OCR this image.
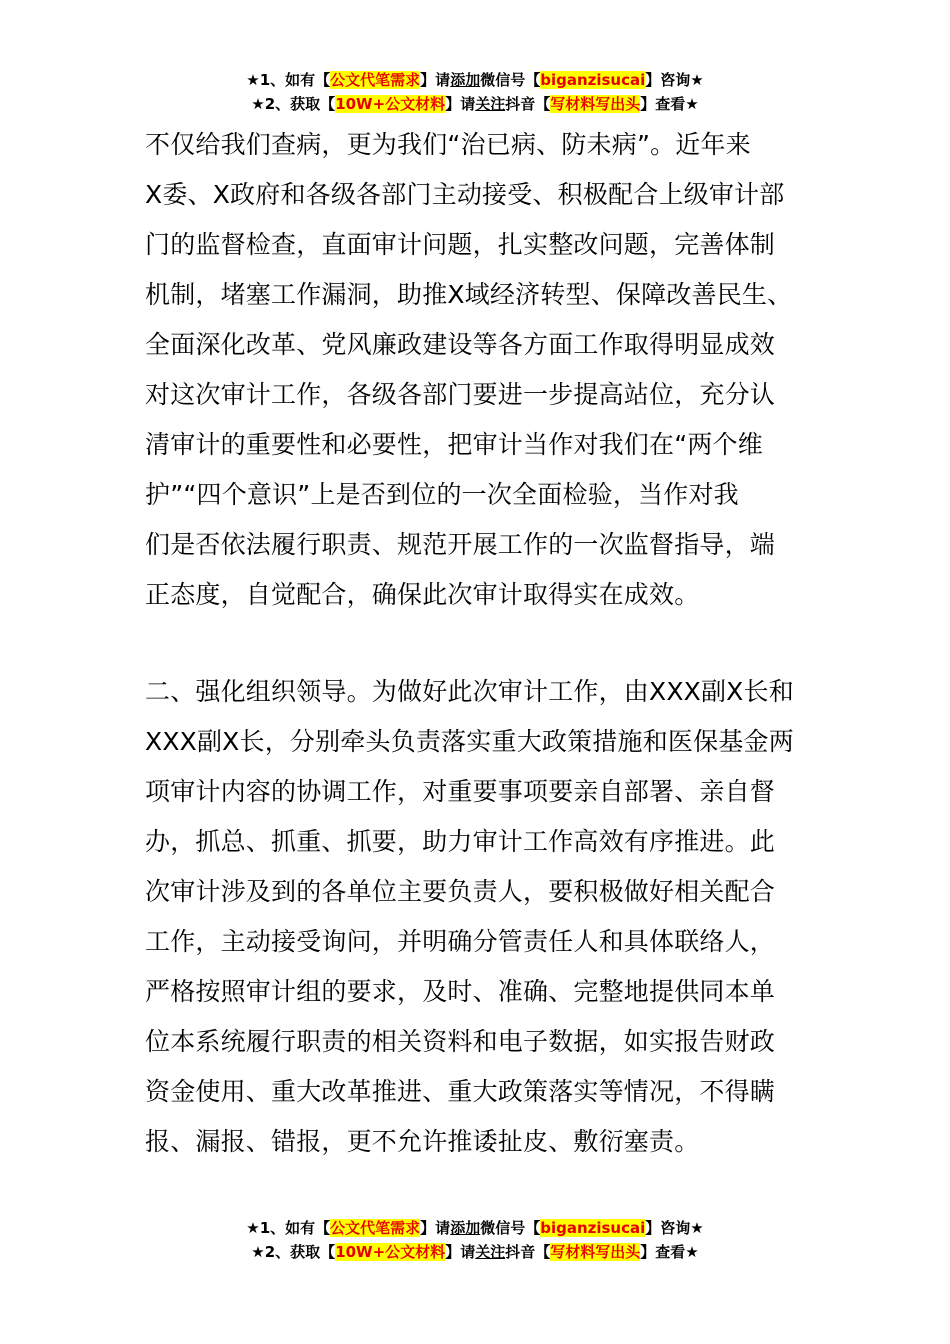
★1、如有【公文代笔需求】请添加微信号【biganzisucai】咨询★
★2、获取【10W+公文材料】请关注抖音【写材料写出头】查看★
不仅给我们查病，更为我们“治已病、防未病”。近年来
X委、X政府和各级各部门主动接受、积极配合上级审计部
门的监督检查，直面审计问题，扎实整改问题，完善体制
机制，堵塞工作漏洞，助推X域经济转型、保障改善民生、
全面深化改革、党风廉政建设等各方面工作取得明显成效
对这次审计工作，各级各部门要进一步提高站位，充分认
清审计的重要性和必要性，把审计当作对我们在“两个维
护”“四个意识”上是否到位的一次全面检验，当作对我
们是否依法履行职责、规范开展工作的一次监督指导，端
正态度，自觉配合，确保此次审计取得实在成效。
二、强化组织领导。为做好此次审计工作，由XXX副X长和
XXX副X长，分别牵头负责落实重大政策措施和医保基金两
项审计内容的协调工作，对重要事项要亲自部署、亲自督
办，抓总、抓重、抓要，助力审计工作高效有序推进。此
次审计涉及到的各单位主要负责人，要积极做好相关配合
工作，主动接受询问，并明确分管责任人和具体联络人，
严格按照审计组的要求，及时、准确、完整地提供同本单
位本系统履行职责的相关资料和电子数据，如实报告财政
资金使用、重大改革推进、重大政策落实等情况，不得瞒
报、漏报、错报，更不允许推诿扯皮、敷衍塞责。
★1、如有【公文代笔需求】请添加微信号【biganzisucai】咨询★
★2、获取【10W+公文材料】请关注抖音【写材料写出头】查看★
